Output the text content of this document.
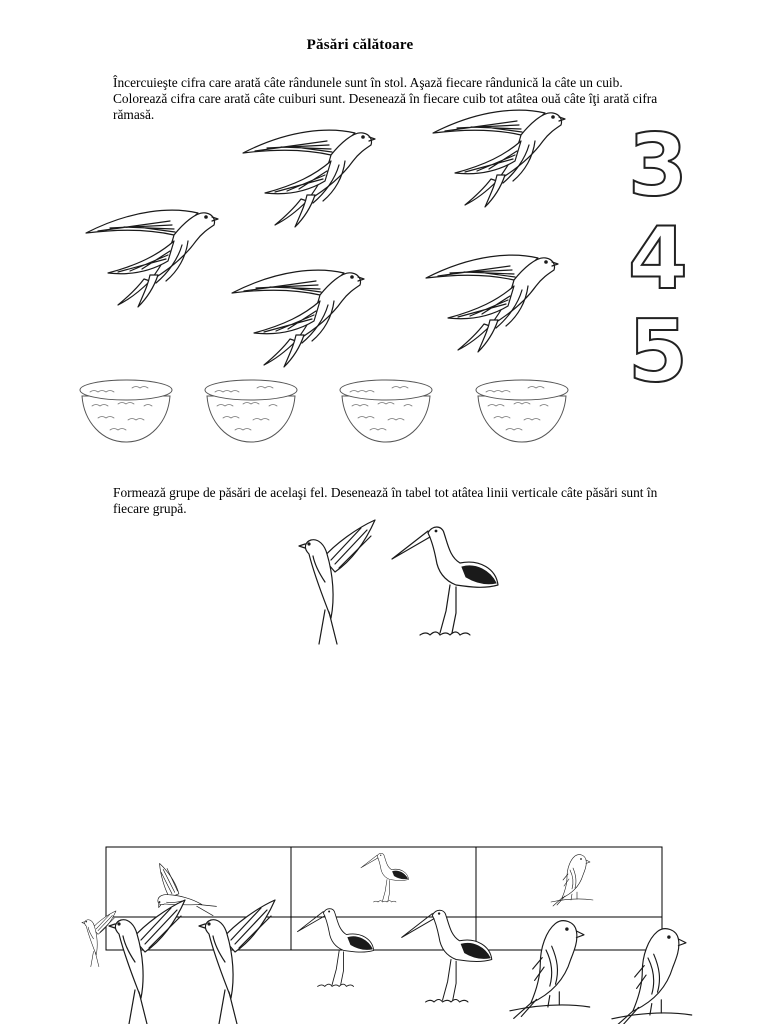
Păsări călătoare
Încercuieşte cifra care arată câte rândunele sunt în stol. Aşază fiecare rândunică la câte un cuib. Colorează cifra care arată câte cuiburi sunt. Desenează în fiecare cuib tot atâtea ouă câte îţi arată cifra rămasă.
3
4
5
Formează grupe de păsări de acelaşi fel. Desenează în tabel tot atâtea linii verticale câte păsări sunt în fiecare grupă.
